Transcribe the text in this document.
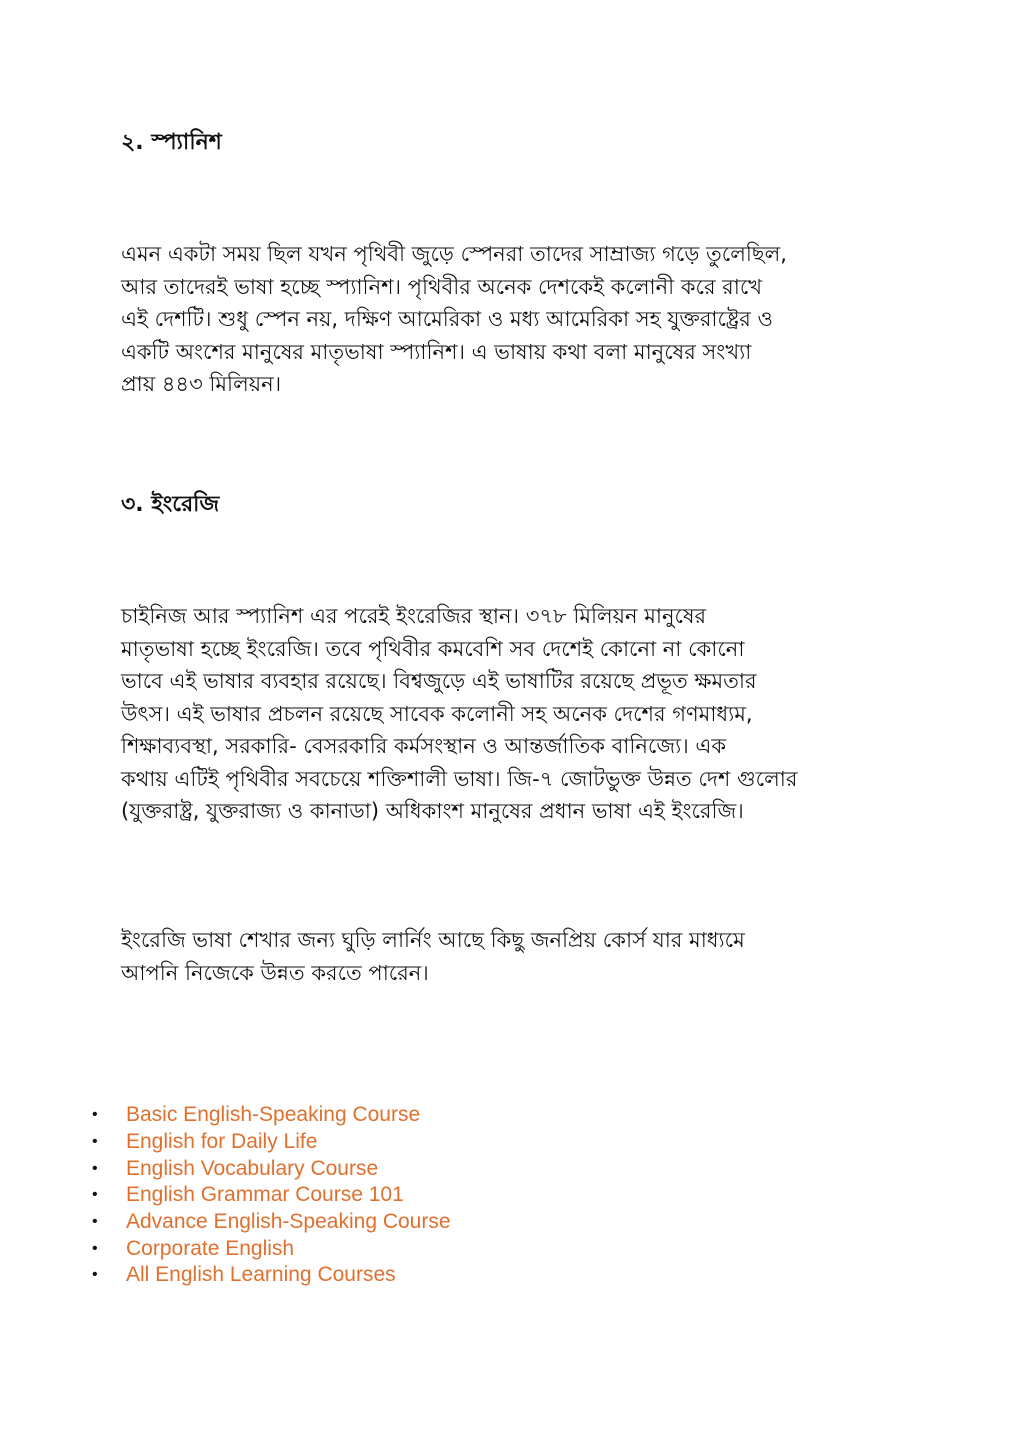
২. স্প্যানিশ

এমন একটা সময় ছিল যখন পৃথিবী জুড়ে স্পেনরা তাদের সাম্রাজ্য গড়ে তুলেছিল,
আর তাদেরই ভাষা হচ্ছে স্প্যানিশ। পৃথিবীর অনেক দেশকেই কলোনী করে রাখে
এই দেশটি। শুধু স্পেন নয়, দক্ষিণ আমেরিকা ও মধ্য আমেরিকা সহ যুক্তরাষ্ট্রের ও
একটি অংশের মানুষের মাতৃভাষা স্প্যানিশ। এ ভাষায় কথা বলা মানুষের সংখ্যা
প্রায় ৪৪৩ মিলিয়ন।

৩. ইংরেজি

চাইনিজ আর স্প্যানিশ এর পরেই ইংরেজির স্থান। ৩৭৮ মিলিয়ন মানুষের
মাতৃভাষা হচ্ছে ইংরেজি। তবে পৃথিবীর কমবেশি সব দেশেই কোনো না কোনো
ভাবে এই ভাষার ব্যবহার রয়েছে। বিশ্বজুড়ে এই ভাষাটির রয়েছে প্রভূত ক্ষমতার
উৎস। এই ভাষার প্রচলন রয়েছে সাবেক কলোনী সহ অনেক দেশের গণমাধ্যম,
শিক্ষাব্যবস্থা, সরকারি- বেসরকারি কর্মসংস্থান ও আন্তর্জাতিক বানিজ্যে। এক
কথায় এটিই পৃথিবীর সবচেয়ে শক্তিশালী ভাষা। জি-৭ জোটভুক্ত উন্নত দেশ গুলোর
(যুক্তরাষ্ট্র, যুক্তরাজ্য ও কানাডা) অধিকাংশ মানুষের প্রধান ভাষা এই ইংরেজি।

ইংরেজি ভাষা শেখার জন্য ঘুড়ি লার্নিং আছে কিছু জনপ্রিয় কোর্স যার মাধ্যমে
আপনি নিজেকে উন্নত করতে পারেন।

•	Basic English-Speaking Course
•	English for Daily Life
•	English Vocabulary Course
•	English Grammar Course 101
•	Advance English-Speaking Course
•	Corporate English
•	All English Learning Courses
